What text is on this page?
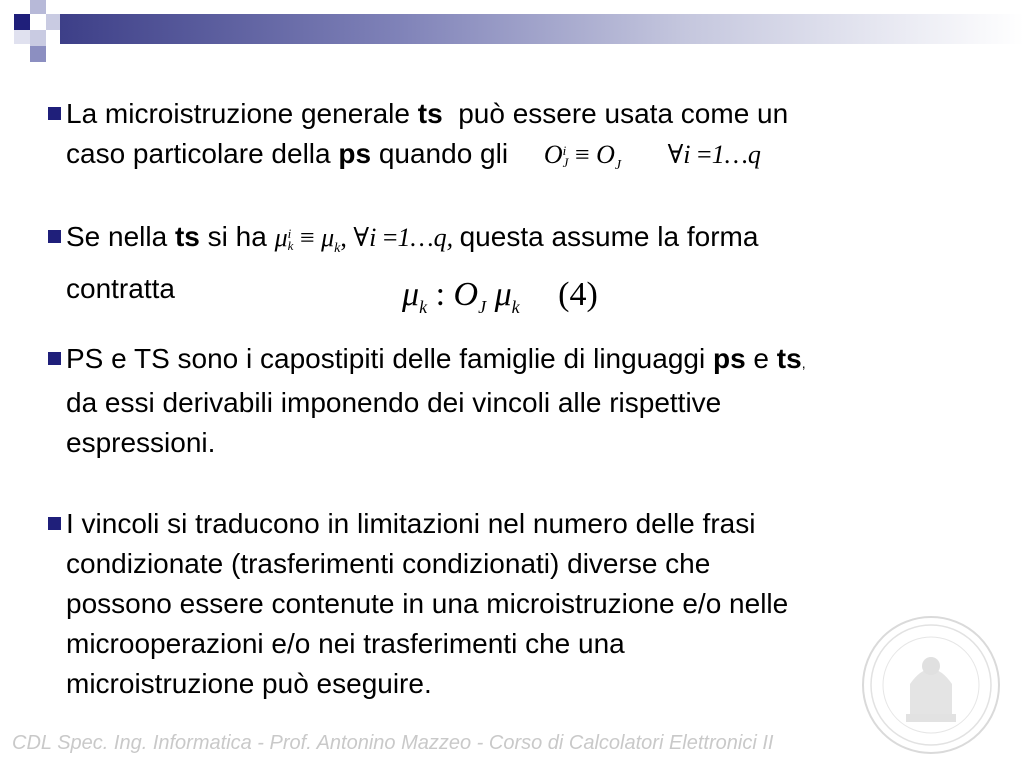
La microistruzione generale ts può essere usata come un
caso particolare della ps quando gli Oi
$J \equiv O_J$ ∀i =1…q
Se nella ts si ha μi
$k \equiv \mu_k$, ∀i =1…q, questa assume la forma
contratta	$\mu_k$ : $O_J$ $\mu_k$ (4)
PS e TS sono i capostipiti delle famiglie di linguaggi ps e ts,
da essi derivabili imponendo dei vincoli alle rispettive
espressioni.
I vincoli si traducono in limitazioni nel numero delle frasi
condizionate (trasferimenti condizionati) diverse che
possono essere contenute in una microistruzione e/o nelle
microoperazioni e/o nei trasferimenti che una
microistruzione può eseguire.
CDL Spec. Ing. Informatica - Prof. Antonino Mazzeo - Corso di Calcolatori Elettronici II
